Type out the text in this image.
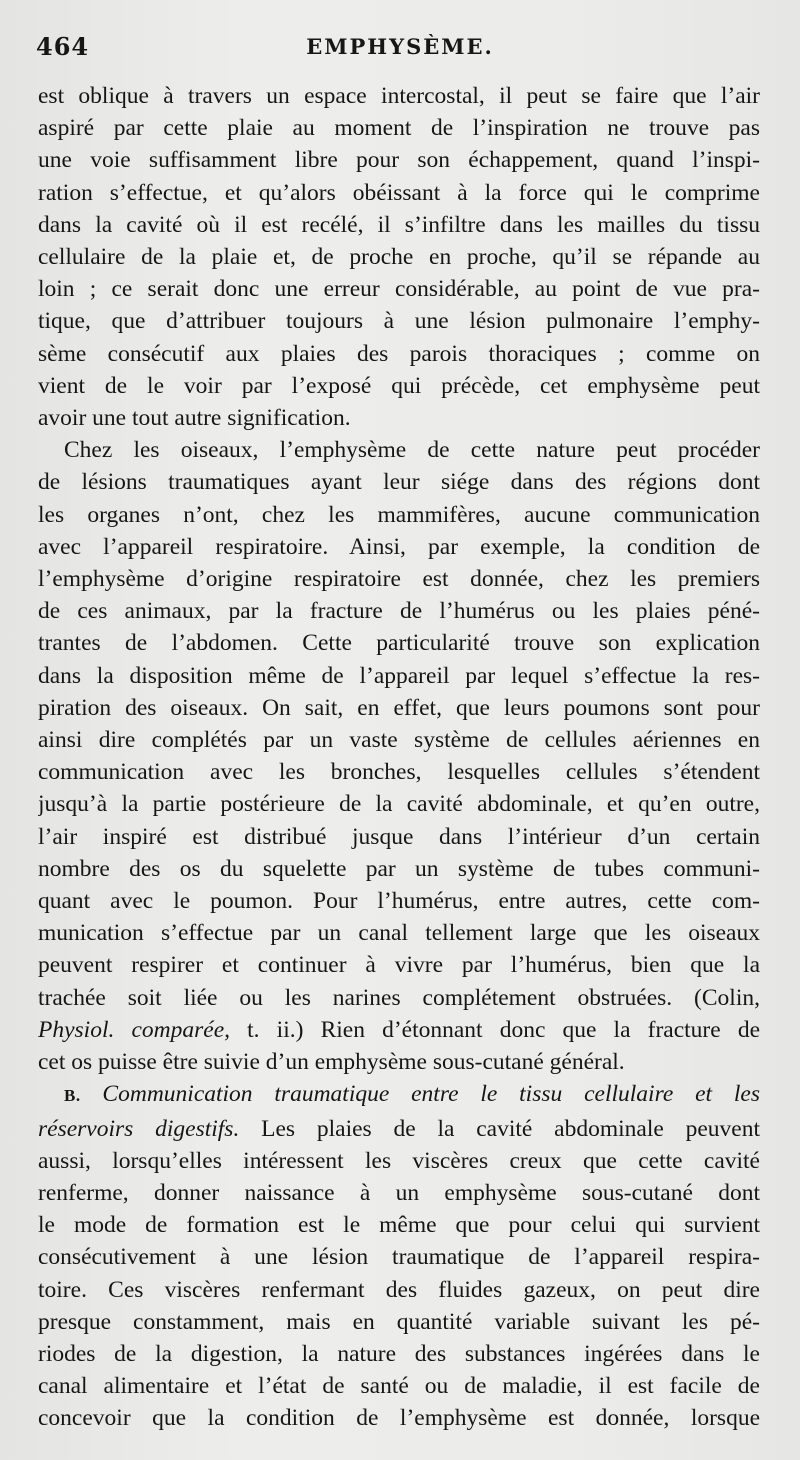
464	EMPHYSÈME.
est oblique à travers un espace intercostal, il peut se faire que l’air
aspiré par cette plaie au moment de l’inspiration ne trouve pas
une voie suffisamment libre pour son échappement, quand l’inspi-
ration s’effectue, et qu’alors obéissant à la force qui le comprime
dans la cavité où il est recélé, il s’infiltre dans les mailles du tissu
cellulaire de la plaie et, de proche en proche, qu’il se répande au
loin ; ce serait donc une erreur considérable, au point de vue pra-
tique, que d’attribuer toujours à une lésion pulmonaire l’emphy-
sème consécutif aux plaies des parois thoraciques ; comme on
vient de le voir par l’exposé qui précède, cet emphysème peut
avoir une tout autre signification.
Chez les oiseaux, l’emphysème de cette nature peut procéder
de lésions traumatiques ayant leur siége dans des régions dont
les organes n’ont, chez les mammifères, aucune communication
avec l’appareil respiratoire. Ainsi, par exemple, la condition de
l’emphysème d’origine respiratoire est donnée, chez les premiers
de ces animaux, par la fracture de l’humérus ou les plaies péné-
trantes de l’abdomen. Cette particularité trouve son explication
dans la disposition même de l’appareil par lequel s’effectue la res-
piration des oiseaux. On sait, en effet, que leurs poumons sont pour
ainsi dire complétés par un vaste système de cellules aériennes en
communication avec les bronches, lesquelles cellules s’étendent
jusqu’à la partie postérieure de la cavité abdominale, et qu’en outre,
l’air inspiré est distribué jusque dans l’intérieur d’un certain
nombre des os du squelette par un système de tubes communi-
quant avec le poumon. Pour l’humérus, entre autres, cette com-
munication s’effectue par un canal tellement large que les oiseaux
peuvent respirer et continuer à vivre par l’humérus, bien que la
trachée soit liée ou les narines complétement obstruées. (Colin,
Physiol. comparée, t. ii.) Rien d’étonnant donc que la fracture de
cet os puisse être suivie d’un emphysème sous-cutané général.
B. Communication traumatique entre le tissu cellulaire et les
réservoirs digestifs. Les plaies de la cavité abdominale peuvent
aussi, lorsqu’elles intéressent les viscères creux que cette cavité
renferme, donner naissance à un emphysème sous-cutané dont
le mode de formation est le même que pour celui qui survient
consécutivement à une lésion traumatique de l’appareil respira-
toire. Ces viscères renfermant des fluides gazeux, on peut dire
presque constamment, mais en quantité variable suivant les pé-
riodes de la digestion, la nature des substances ingérées dans le
canal alimentaire et l’état de santé ou de maladie, il est facile de
concevoir que la condition de l’emphysème est donnée, lorsque
